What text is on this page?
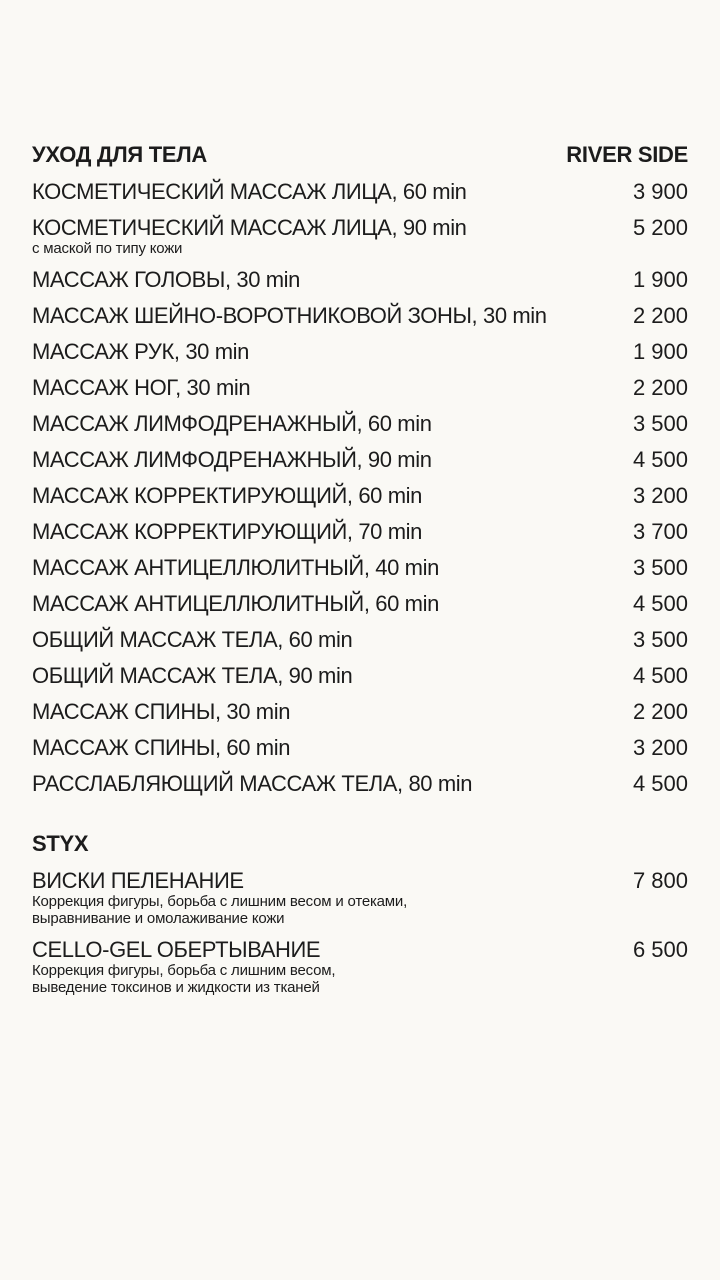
УХОД ДЛЯ ТЕЛА	RIVER SIDE
КОСМЕТИЧЕСКИЙ МАССАЖ ЛИЦА, 60 min	3 900
КОСМЕТИЧЕСКИЙ МАССАЖ ЛИЦА, 90 min	5 200
с маской по типу кожи
МАССАЖ ГОЛОВЫ, 30 min	1 900
МАССАЖ ШЕЙНО-ВОРОТНИКОВОЙ ЗОНЫ, 30 min	2 200
МАССАЖ РУК, 30 min	1 900
МАССАЖ НОГ, 30 min	2 200
МАССАЖ ЛИМФОДРЕНАЖНЫЙ, 60 min	3 500
МАССАЖ ЛИМФОДРЕНАЖНЫЙ, 90 min	4 500
МАССАЖ КОРРЕКТИРУЮЩИЙ, 60 min	3 200
МАССАЖ КОРРЕКТИРУЮЩИЙ, 70 min	3 700
МАССАЖ АНТИЦЕЛЛЮЛИТНЫЙ, 40 min	3 500
МАССАЖ АНТИЦЕЛЛЮЛИТНЫЙ, 60 min	4 500
ОБЩИЙ МАССАЖ ТЕЛА, 60 min	3 500
ОБЩИЙ МАССАЖ ТЕЛА, 90 min	4 500
МАССАЖ СПИНЫ, 30 min	2 200
МАССАЖ СПИНЫ, 60 min	3 200
РАССЛАБЛЯЮЩИЙ МАССАЖ ТЕЛА, 80 min	4 500
STYX
ВИСКИ ПЕЛЕНАНИЕ	7 800
Коррекция фигуры, борьба с лишним весом и отеками,
выравнивание и омолаживание кожи
CELLO-GEL ОБЕРТЫВАНИЕ	6 500
Коррекция фигуры, борьба с лишним весом,
выведение токсинов и жидкости из тканей
